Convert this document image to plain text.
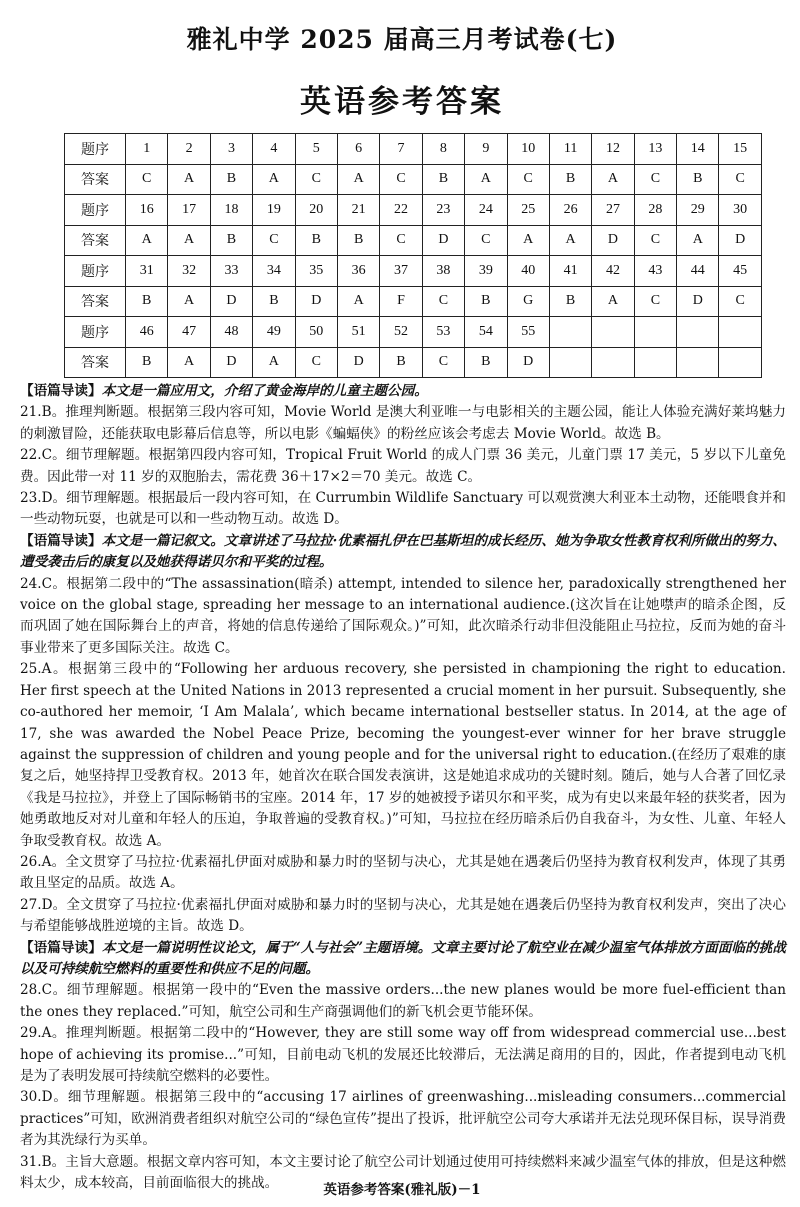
雅礼中学 2025 届高三月考试卷(七)
英语参考答案
题序	1	2	3	4	5	6	7	8	9	10	11	12	13	14	15
答案	C	A	B	A	C	A	C	B	A	C	B	A	C	B	C
题序	16	17	18	19	20	21	22	23	24	25	26	27	28	29	30
答案	A	A	B	C	B	B	C	D	C	A	A	D	C	A	D
题序	31	32	33	34	35	36	37	38	39	40	41	42	43	44	45
答案	B	A	D	B	D	A	F	C	B	G	B	A	C	D	C
题序	46	47	48	49	50	51	52	53	54	55					
答案	B	A	D	A	C	D	B	C	B	D					

【语篇导读】本文是一篇应用文，介绍了黄金海岸的儿童主题公园。

21.B。推理判断题。根据第三段内容可知，Movie World 是澳大利亚唯一与电影相关的主题公园，能让人体验充满好莱坞魅力的刺激冒险，还能获取电影幕后信息等，所以电影《蝙蝠侠》的粉丝应该会考虑去 Movie World。故选 B。

22.C。细节理解题。根据第四段内容可知，Tropical Fruit World 的成人门票 36 美元，儿童门票 17 美元，5 岁以下儿童免费。因此带一对 11 岁的双胞胎去，需花费 36＋17×2＝70 美元。故选 C。

23.D。细节理解题。根据最后一段内容可知，在 Currumbin Wildlife Sanctuary 可以观赏澳大利亚本土动物，还能喂食并和一些动物玩耍，也就是可以和一些动物互动。故选 D。

【语篇导读】本文是一篇记叙文。文章讲述了马拉拉·优素福扎伊在巴基斯坦的成长经历、她为争取女性教育权利所做出的努力、遭受袭击后的康复以及她获得诺贝尔和平奖的过程。

24.C。根据第二段中的“The assassination(暗杀) attempt, intended to silence her, paradoxically strengthened her voice on the global stage, spreading her message to an international audience.(这次旨在让她噤声的暗杀企图，反而巩固了她在国际舞台上的声音，将她的信息传递给了国际观众。)”可知，此次暗杀行动非但没能阻止马拉拉，反而为她的奋斗事业带来了更多国际关注。故选 C。

25.A。根据第三段中的“Following her arduous recovery, she persisted in championing the right to education. Her first speech at the United Nations in 2013 represented a crucial moment in her pursuit. Subsequently, she co-authored her memoir, ‘I Am Malala’, which became international bestseller status. In 2014, at the age of 17, she was awarded the Nobel Peace Prize, becoming the youngest-ever winner for her brave struggle against the suppression of children and young people and for the universal right to education.(在经历了艰难的康复之后，她坚持捍卫受教育权。2013 年，她首次在联合国发表演讲，这是她追求成功的关键时刻。随后，她与人合著了回忆录《我是马拉拉》，并登上了国际畅销书的宝座。2014 年，17 岁的她被授予诺贝尔和平奖，成为有史以来最年轻的获奖者，因为她勇敢地反对对儿童和年轻人的压迫，争取普遍的受教育权。)”可知，马拉拉在经历暗杀后仍自我奋斗，为女性、儿童、年轻人争取受教育权。故选 A。

26.A。全文贯穿了马拉拉·优素福扎伊面对威胁和暴力时的坚韧与决心，尤其是她在遇袭后仍坚持为教育权利发声，体现了其勇敢且坚定的品质。故选 A。

27.D。全文贯穿了马拉拉·优素福扎伊面对威胁和暴力时的坚韧与决心，尤其是她在遇袭后仍坚持为教育权利发声，突出了决心与希望能够战胜逆境的主旨。故选 D。

【语篇导读】本文是一篇说明性议论文，属于“人与社会”主题语境。文章主要讨论了航空业在减少温室气体排放方面面临的挑战以及可持续航空燃料的重要性和供应不足的问题。

28.C。细节理解题。根据第一段中的“Even the massive orders...the new planes would be more fuel-efficient than the ones they replaced.”可知，航空公司和生产商强调他们的新飞机会更节能环保。

29.A。推理判断题。根据第二段中的“However, they are still some way off from widespread commercial use...best hope of achieving its promise...”可知，目前电动飞机的发展还比较滞后，无法满足商用的目的，因此，作者提到电动飞机是为了表明发展可持续航空燃料的必要性。

30.D。细节理解题。根据第三段中的“accusing 17 airlines of greenwashing...misleading consumers...commercial practices”可知，欧洲消费者组织对航空公司的“绿色宣传”提出了投诉，批评航空公司夸大承诺并无法兑现环保目标，误导消费者为其洗绿行为买单。

31.B。主旨大意题。根据文章内容可知，本文主要讨论了航空公司计划通过使用可持续燃料来减少温室气体的排放，但是这种燃料太少，成本较高，目前面临很大的挑战。	英语参考答案(雅礼版)－1
